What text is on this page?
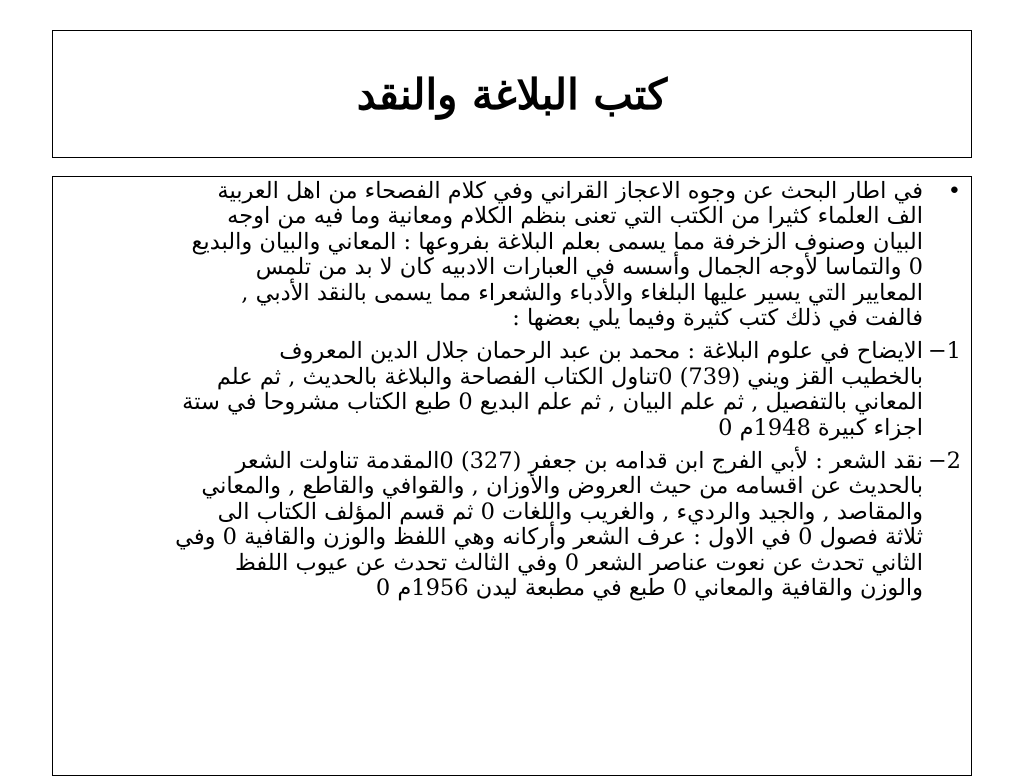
كتب البلاغة والنقد
•
في اطار البحث عن وجوه الاعجاز القراني وفي كلام الفصحاء من اهل العربية
الف العلماء كثيرا من الكتب التي تعنى بنظم الكلام ومعانية وما فيه من اوجه
البيان وصنوف الزخرفة مما يسمى بعلم البلاغة بفروعها : المعاني والبيان والبديع
0 والتماسا لأوجه الجمال وأسسه في العبارات الادبيه كان لا بد من تلمس
المعايير التي يسير عليها البلغاء والأدباء والشعراء مما يسمى بالنقد الأدبي ,
فالفت في ذلك كتب كثيرة وفيما يلي بعضها :
1−
الايضاح في علوم البلاغة : محمد بن عبد الرحمان جلال الدين المعروف
بالخطيب القز ويني (739) 0تناول الكتاب الفصاحة والبلاغة بالحديث , ثم علم
المعاني بالتفصيل , ثم علم البيان , ثم علم البديع 0 طبع الكتاب مشروحا في ستة
اجزاء كبيرة 1948م 0
2−
نقد الشعر : لأبي الفرج ابن قدامه بن جعفر (327) 0المقدمة تناولت الشعر
بالحديث عن اقسامه من حيث العروض والأوزان , والقوافي والقاطع , والمعاني
والمقاصد , والجيد والرديء , والغريب واللغات 0 ثم قسم المؤلف الكتاب الى
ثلاثة فصول 0 في الاول : عرف الشعر وأركانه وهي اللفظ والوزن والقافية 0 وفي
الثاني تحدث عن نعوت عناصر الشعر 0 وفي الثالث تحدث عن عيوب اللفظ
والوزن والقافية والمعاني 0 طبع في مطبعة ليدن 1956م 0
